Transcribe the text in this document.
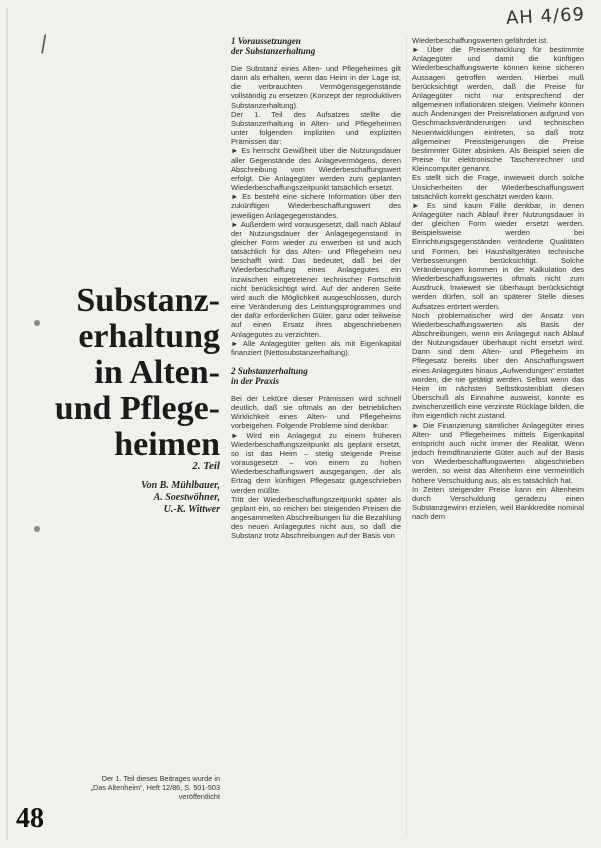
/
AH 4/69
Substanz-
erhaltung
in Alten-
und Pflege-
heimen
2. Teil
Von B. Mühlbauer,
A. Soestwöhner,
U.-K. Wittwer
Der 1. Teil dieses Beitrages wurde in
„Das Altenheim“, Heft 12/86, S. 501-503
veröffentlicht
48
1 Voraussetzungen
der Substanzerhaltung

Die Substanz eines Alten- und Pflegeheimes gilt dann als erhalten, wenn das Heim in der Lage ist, die verbrauchten Vermögensgegenstände vollständig zu ersetzen (Konzept der reproduktiven Substanzerhaltung).

Der 1. Teil des Aufsatzes stellte die Substanzerhaltung in Alten- und Pflegeheimen unter folgenden impliziten und expliziten Prämissen dar:

► Es herrscht Gewißheit über die Nutzungsdauer aller Gegenstände des Anlagevermögens, deren Abschreibung vom Wiederbeschaffungswert erfolgt. Die Anlagegüter werden zum geplanten Wiederbeschaffungszeitpunkt tatsächlich ersetzt.

► Es besteht eine sichere Information über den zukünftigen Wiederbeschaffungswert des jeweiligen Anlagegegenstandes.

► Außerdem wird vorausgesetzt, daß nach Ablauf der Nutzungsdauer der Anlagegegenstand in gleicher Form wieder zu erwerben ist und auch tatsächlich für das Alten- und Pflegeheim neu beschafft wird. Das bedeutet, daß bei der Wiederbeschaffung eines Anlagegutes ein inzwischen eingetretener technischer Fortschritt nicht berücksichtigt wird. Auf der anderen Seite wird auch die Möglichkeit ausgeschlossen, durch eine Veränderung des Leistungsprogrammes und der dafür erforderlichen Güter, ganz oder teilweise auf einen Ersatz ihres abgeschriebenen Anlagegutes zu verzichten.

► Alle Anlagegüter gelten als mit Eigenkapital finanziert (Nettosubstanzerhaltung).

2 Substanzerhaltung
in der Praxis

Bei der Lektüre dieser Prämissen wird schnell deutlich, daß sie oftmals an der betrieblichen Wirklichkeit eines Alten- und Pflegeheims vorbeigehen. Folgende Probleme sind denkbar:

► Wird ein Anlagegut zu einem früheren Wiederbeschaffungszeitpunkt als geplant ersetzt, so ist das Heim – stetig steigende Preise vorausgesetzt – von einem zu hohen Wiederbeschaffungswert ausgegangen, der als Ertrag dem künftigen Pflegesatz gutgeschrieben werden müßte.

Tritt der Wiederbeschaffungszeitpunkt später als geplant ein, so reichen bei steigenden Preisen die angesammelten Abschreibungen für die Bezahlung des neuen Anlagegutes nicht aus, so daß die Substanz trotz Abschreibungen auf der Basis von

Wiederbeschaffungswerten gefährdet ist.

► Über die Preisentwicklung für bestimmte Anlagegüter und damit die künftigen Wiederbeschaffungswerte können keine sicheren Aussagen getroffen werden. Hierbei muß berücksichtigt werden, daß die Preise für Anlagegüter nicht nur entsprechend der allgemeinen inflationären steigen. Vielmehr können auch Änderungen der Preisrelationen aufgrund von Geschmacksveränderungen und technischen Neuentwicklungen eintreten, so daß trotz allgemeiner Preissteigerungen die Preise bestimmter Güter absinken. Als Beispiel seien die Preise für elektronische Taschenrechner und Kleincomputer genannt.

Es stellt sich die Frage, inwieweit durch solche Unsicherheiten der Wiederbeschaffungswert tatsächlich korrekt geschätzt werden kann.

► Es sind kaum Fälle denkbar, in denen Anlagegüter nach Ablauf ihrer Nutzungsdauer in der gleichen Form wieder ersetzt werden. Beispielsweise werden bei Einrichtungsgegenständen veränderte Qualitäten und Formen, bei Haushaltgeräten technische Verbesserungen berücksichtigt. Solche Veränderungen kommen in der Kalkulation des Wiederbeschaffungswertes oftmals nicht zum Ausdruck. Inwieweit sie überhaupt berücksichtigt werden dürfen, soll an späterer Stelle dieses Aufsatzes erörtert werden.

Noch problematischer wird der Ansatz von Wiederbeschaffungswerten als Basis der Abschreibungen, wenn ein Anlagegut nach Ablauf der Nutzungsdauer überhaupt nicht ersetzt wird. Dann sind dem Alten- und Pflegeheim im Pflegesatz bereits über den Anschaffungswert eines Anlagegutes hinaus „Aufwendungen“ erstattet worden, die nie getätigt werden. Selbst wenn das Heim im nächsten Selbstkostenblatt diesen Überschuß als Einnahme ausweist, konnte es zwischenzeitlich eine verzinste Rücklage bilden, die ihm eigentlich nicht zustand.

► Die Finanzierung sämtlicher Anlagegüter eines Alten- und Pflegeheimes mittels Eigenkapital entspricht auch nicht immer der Realität. Wenn jedoch fremdfinanzierte Güter auch auf der Basis von Wiederbeschaffungswerten abgeschrieben werden, so weist das Altenheim eine vermeintlich höhere Verschuldung aus, als es tatsächlich hat.

In Zeiten steigender Preise kann ein Altenheim durch Verschuldung geradezu einen Substanzgewinn erzielen, weil Bankkredite nominal nach dem
